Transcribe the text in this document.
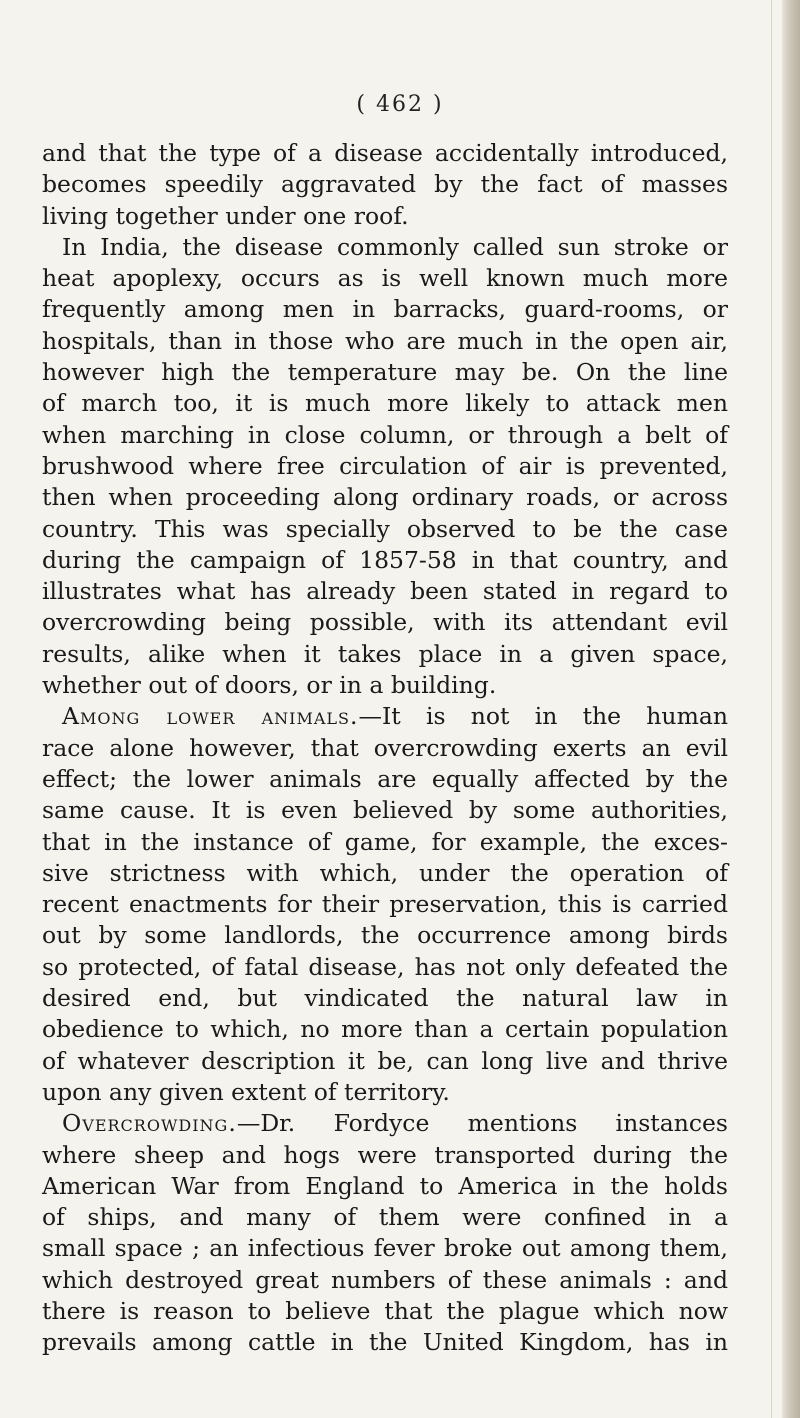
( 462 )
and that the type of a disease accidentally introduced,
becomes speedily aggravated by the fact of masses
living together under one roof.
In India, the disease commonly called sun stroke or
heat apoplexy, occurs as is well known much more
frequently among men in barracks, guard-rooms, or
hospitals, than in those who are much in the open air,
however high the temperature may be. On the line
of march too, it is much more likely to attack men
when marching in close column, or through a belt of
brushwood where free circulation of air is prevented,
then when proceeding along ordinary roads, or across
country. This was specially observed to be the case
during the campaign of 1857-58 in that country, and
illustrates what has already been stated in regard to
overcrowding being possible, with its attendant evil
results, alike when it takes place in a given space,
whether out of doors, or in a building.
Among lower animals.—It is not in the human
race alone however, that overcrowding exerts an evil
effect; the lower animals are equally affected by the
same cause. It is even believed by some authorities,
that in the instance of game, for example, the exces-
sive strictness with which, under the operation of
recent enactments for their preservation, this is carried
out by some landlords, the occurrence among birds
so protected, of fatal disease, has not only defeated the
desired end, but vindicated the natural law in
obedience to which, no more than a certain population
of whatever description it be, can long live and thrive
upon any given extent of territory.
Overcrowding.—Dr. Fordyce mentions instances
where sheep and hogs were transported during the
American War from England to America in the holds
of ships, and many of them were confined in a
small space ; an infectious fever broke out among them,
which destroyed great numbers of these animals : and
there is reason to believe that the plague which now
prevails among cattle in the United Kingdom, has in
